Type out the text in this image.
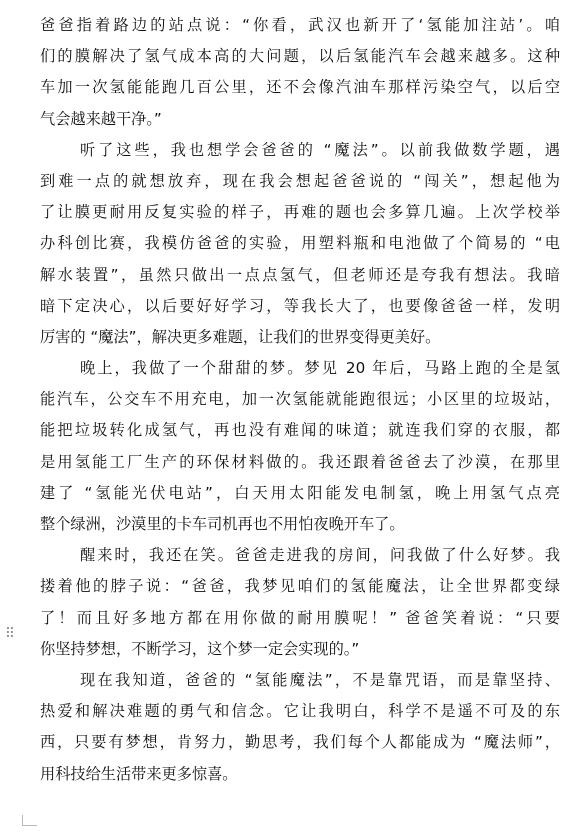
爸爸指着路边的站点说：“你看，武汉也新开了‘氢能加注站’。咱
们的膜解决了氢气成本高的大问题，以后氢能汽车会越来越多。这种
车加一次氢能能跑几百公里，还不会像汽油车那样污染空气，以后空
气会越来越干净。”
听了这些，我也想学会爸爸的 “魔法”。以前我做数学题，遇
到难一点的就想放弃，现在我会想起爸爸说的 “闯关”，想起他为
了让膜更耐用反复实验的样子，再难的题也会多算几遍。上次学校举
办科创比赛，我模仿爸爸的实验，用塑料瓶和电池做了个简易的 “电
解水装置”，虽然只做出一点点氢气，但老师还是夸我有想法。我暗
暗下定决心，以后要好好学习，等我长大了，也要像爸爸一样，发明
厉害的 “魔法”，解决更多难题，让我们的世界变得更美好。
晚上，我做了一个甜甜的梦。梦见 20 年后，马路上跑的全是氢
能汽车，公交车不用充电，加一次氢能就能跑很远；小区里的垃圾站，
能把垃圾转化成氢气，再也没有难闻的味道；就连我们穿的衣服，都
是用氢能工厂生产的环保材料做的。我还跟着爸爸去了沙漠，在那里
建了 “氢能光伏电站”，白天用太阳能发电制氢，晚上用氢气点亮
整个绿洲，沙漠里的卡车司机再也不用怕夜晚开车了。
醒来时，我还在笑。爸爸走进我的房间，问我做了什么好梦。我
搂着他的脖子说：“爸爸，我梦见咱们的氢能魔法，让全世界都变绿
了！而且好多地方都在用你做的耐用膜呢！” 爸爸笑着说：“只要
你坚持梦想，不断学习，这个梦一定会实现的。”
现在我知道，爸爸的 “氢能魔法”，不是靠咒语，而是靠坚持、
热爱和解决难题的勇气和信念。它让我明白，科学不是遥不可及的东
西，只要有梦想，肯努力，勤思考，我们每个人都能成为 “魔法师”，
用科技给生活带来更多惊喜。
⠿
